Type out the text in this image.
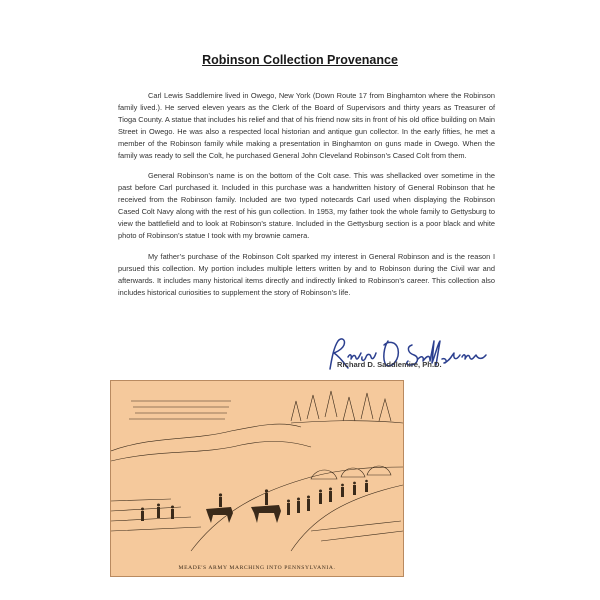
Robinson Collection Provenance

Carl Lewis Saddlemire lived in Owego, New York (Down Route 17 from Binghamton where the Robinson family lived.). He served eleven years as the Clerk of the Board of Supervisors and thirty years as Treasurer of Tioga County. A statue that includes his relief and that of his friend now sits in front of his old office building on Main Street in Owego. He was also a respected local historian and antique gun collector. In the early fifties, he met a member of the Robinson family while making a presentation in Binghamton on guns made in Owego. When the family was ready to sell the Colt, he purchased General John Cleveland Robinson’s Cased Colt from them.

General Robinson’s name is on the bottom of the Colt case. This was shellacked over sometime in the past before Carl purchased it. Included in this purchase was a handwritten history of General Robinson that he received from the Robinson family. Included are two typed notecards Carl used when displaying the Robinson Cased Colt Navy along with the rest of his gun collection. In 1953, my father took the whole family to Gettysburg to view the battlefield and to look at Robinson’s stature. Included in the Gettysburg section is a poor black and white photo of Robinson’s statue I took with my brownie camera.

My father’s purchase of the Robinson Colt sparked my interest in General Robinson and is the reason I pursued this collection. My portion includes multiple letters written by and to Robinson during the Civil war and afterwards. It includes many historical items directly and indirectly linked to Robinson’s career. This collection also includes historical curiosities to supplement the story of Robinson’s life.

Richard D. Saddlemire
Richard D. Saddlemire, Ph.D.
MEADE'S ARMY MARCHING INTO PENNSYLVANIA.
